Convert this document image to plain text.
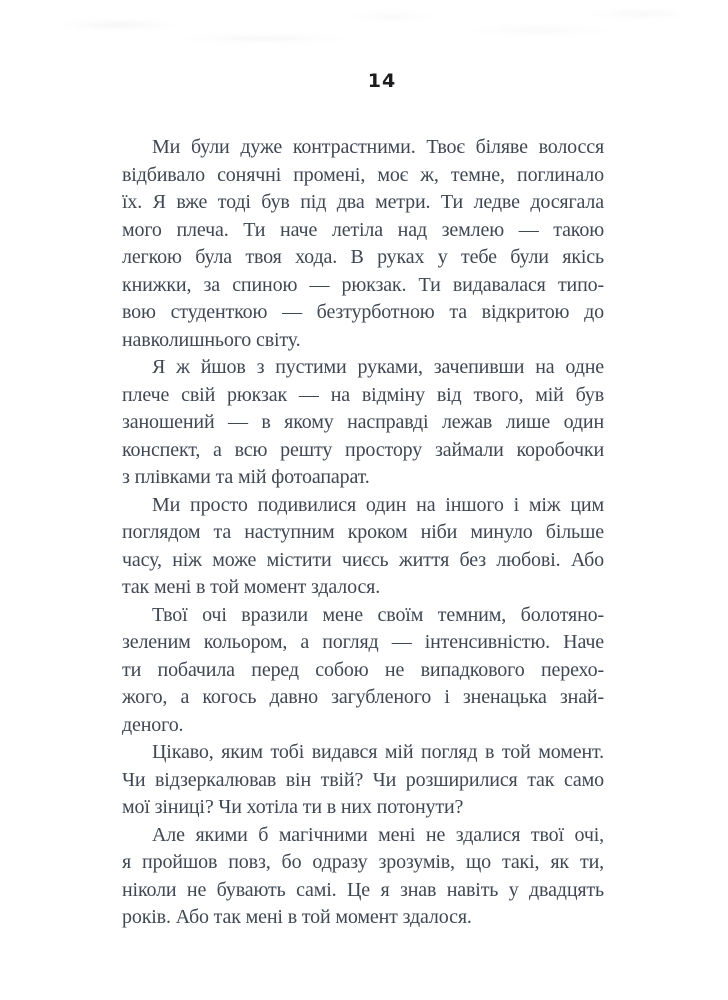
14
Ми були дуже контрастними. Твоє біляве волосся
відбивало сонячні промені, моє ж, темне, поглинало
їх. Я вже тоді був під два метри. Ти ледве досягала
мого плеча. Ти наче летіла над землею — такою
легкою була твоя хода. В руках у тебе були якісь
книжки, за спиною — рюкзак. Ти видавалася типо-
вою студенткою — безтурботною та відкритою до
навколишнього світу.
Я ж йшов з пустими руками, зачепивши на одне
плече свій рюкзак — на відміну від твого, мій був
заношений — в якому насправді лежав лише один
конспект, а всю решту простору займали коробочки
з плівками та мій фотоапарат.
Ми просто подивилися один на іншого і між цим
поглядом та наступним кроком ніби минуло більше
часу, ніж може містити чиєсь життя без любові. Або
так мені в той момент здалося.
Твої очі вразили мене своїм темним, болотяно-
зеленим кольором, а погляд — інтенсивністю. Наче
ти побачила перед собою не випадкового перехо-
жого, а когось давно загубленого і зненацька знай-
деного.
Цікаво, яким тобі видався мій погляд в той момент.
Чи відзеркалював він твій? Чи розширилися так само
мої зіниці? Чи хотіла ти в них потонути?
Але якими б магічними мені не здалися твої очі,
я пройшов повз, бо одразу зрозумів, що такі, як ти,
ніколи не бувають самі. Це я знав навіть у двадцять
років. Або так мені в той момент здалося.
